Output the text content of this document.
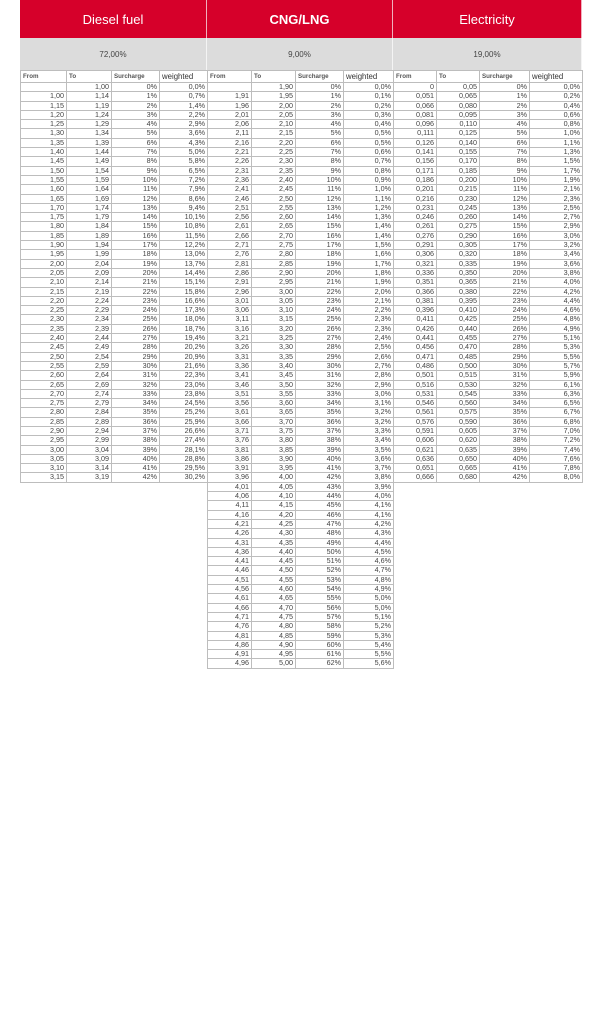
Diesel fuel	CNG/LNG	Electricity
72,00%	9,00%	19,00%
From	To	Surcharge	weighted
	1,00	0%	0,0%
1,00	1,14	1%	0,7%
1,15	1,19	2%	1,4%
1,20	1,24	3%	2,2%
1,25	1,29	4%	2,9%
1,30	1,34	5%	3,6%
1,35	1,39	6%	4,3%
1,40	1,44	7%	5,0%
1,45	1,49	8%	5,8%
1,50	1,54	9%	6,5%
1,55	1,59	10%	7,2%
1,60	1,64	11%	7,9%
1,65	1,69	12%	8,6%
1,70	1,74	13%	9,4%
1,75	1,79	14%	10,1%
1,80	1,84	15%	10,8%
1,85	1,89	16%	11,5%
1,90	1,94	17%	12,2%
1,95	1,99	18%	13,0%
2,00	2,04	19%	13,7%
2,05	2,09	20%	14,4%
2,10	2,14	21%	15,1%
2,15	2,19	22%	15,8%
2,20	2,24	23%	16,6%
2,25	2,29	24%	17,3%
2,30	2,34	25%	18,0%
2,35	2,39	26%	18,7%
2,40	2,44	27%	19,4%
2,45	2,49	28%	20,2%
2,50	2,54	29%	20,9%
2,55	2,59	30%	21,6%
2,60	2,64	31%	22,3%
2,65	2,69	32%	23,0%
2,70	2,74	33%	23,8%
2,75	2,79	34%	24,5%
2,80	2,84	35%	25,2%
2,85	2,89	36%	25,9%
2,90	2,94	37%	26,6%
2,95	2,99	38%	27,4%
3,00	3,04	39%	28,1%
3,05	3,09	40%	28,8%
3,10	3,14	41%	29,5%
3,15	3,19	42%	30,2%
From	To	Surcharge	weighted
	1,90	0%	0,0%
1,91	1,95	1%	0,1%
1,96	2,00	2%	0,2%
2,01	2,05	3%	0,3%
2,06	2,10	4%	0,4%
2,11	2,15	5%	0,5%
2,16	2,20	6%	0,5%
2,21	2,25	7%	0,6%
2,26	2,30	8%	0,7%
2,31	2,35	9%	0,8%
2,36	2,40	10%	0,9%
2,41	2,45	11%	1,0%
2,46	2,50	12%	1,1%
2,51	2,55	13%	1,2%
2,56	2,60	14%	1,3%
2,61	2,65	15%	1,4%
2,66	2,70	16%	1,4%
2,71	2,75	17%	1,5%
2,76	2,80	18%	1,6%
2,81	2,85	19%	1,7%
2,86	2,90	20%	1,8%
2,91	2,95	21%	1,9%
2,96	3,00	22%	2,0%
3,01	3,05	23%	2,1%
3,06	3,10	24%	2,2%
3,11	3,15	25%	2,3%
3,16	3,20	26%	2,3%
3,21	3,25	27%	2,4%
3,26	3,30	28%	2,5%
3,31	3,35	29%	2,6%
3,36	3,40	30%	2,7%
3,41	3,45	31%	2,8%
3,46	3,50	32%	2,9%
3,51	3,55	33%	3,0%
3,56	3,60	34%	3,1%
3,61	3,65	35%	3,2%
3,66	3,70	36%	3,2%
3,71	3,75	37%	3,3%
3,76	3,80	38%	3,4%
3,81	3,85	39%	3,5%
3,86	3,90	40%	3,6%
3,91	3,95	41%	3,7%
3,96	4,00	42%	3,8%
4,01	4,05	43%	3,9%
4,06	4,10	44%	4,0%
4,11	4,15	45%	4,1%
4,16	4,20	46%	4,1%
4,21	4,25	47%	4,2%
4,26	4,30	48%	4,3%
4,31	4,35	49%	4,4%
4,36	4,40	50%	4,5%
4,41	4,45	51%	4,6%
4,46	4,50	52%	4,7%
4,51	4,55	53%	4,8%
4,56	4,60	54%	4,9%
4,61	4,65	55%	5,0%
4,66	4,70	56%	5,0%
4,71	4,75	57%	5,1%
4,76	4,80	58%	5,2%
4,81	4,85	59%	5,3%
4,86	4,90	60%	5,4%
4,91	4,95	61%	5,5%
4,96	5,00	62%	5,6%
From	To	Surcharge	weighted
0	0,05	0%	0,0%
0,051	0,065	1%	0,2%
0,066	0,080	2%	0,4%
0,081	0,095	3%	0,6%
0,096	0,110	4%	0,8%
0,111	0,125	5%	1,0%
0,126	0,140	6%	1,1%
0,141	0,155	7%	1,3%
0,156	0,170	8%	1,5%
0,171	0,185	9%	1,7%
0,186	0,200	10%	1,9%
0,201	0,215	11%	2,1%
0,216	0,230	12%	2,3%
0,231	0,245	13%	2,5%
0,246	0,260	14%	2,7%
0,261	0,275	15%	2,9%
0,276	0,290	16%	3,0%
0,291	0,305	17%	3,2%
0,306	0,320	18%	3,4%
0,321	0,335	19%	3,6%
0,336	0,350	20%	3,8%
0,351	0,365	21%	4,0%
0,366	0,380	22%	4,2%
0,381	0,395	23%	4,4%
0,396	0,410	24%	4,6%
0,411	0,425	25%	4,8%
0,426	0,440	26%	4,9%
0,441	0,455	27%	5,1%
0,456	0,470	28%	5,3%
0,471	0,485	29%	5,5%
0,486	0,500	30%	5,7%
0,501	0,515	31%	5,9%
0,516	0,530	32%	6,1%
0,531	0,545	33%	6,3%
0,546	0,560	34%	6,5%
0,561	0,575	35%	6,7%
0,576	0,590	36%	6,8%
0,591	0,605	37%	7,0%
0,606	0,620	38%	7,2%
0,621	0,635	39%	7,4%
0,636	0,650	40%	7,6%
0,651	0,665	41%	7,8%
0,666	0,680	42%	8,0%
